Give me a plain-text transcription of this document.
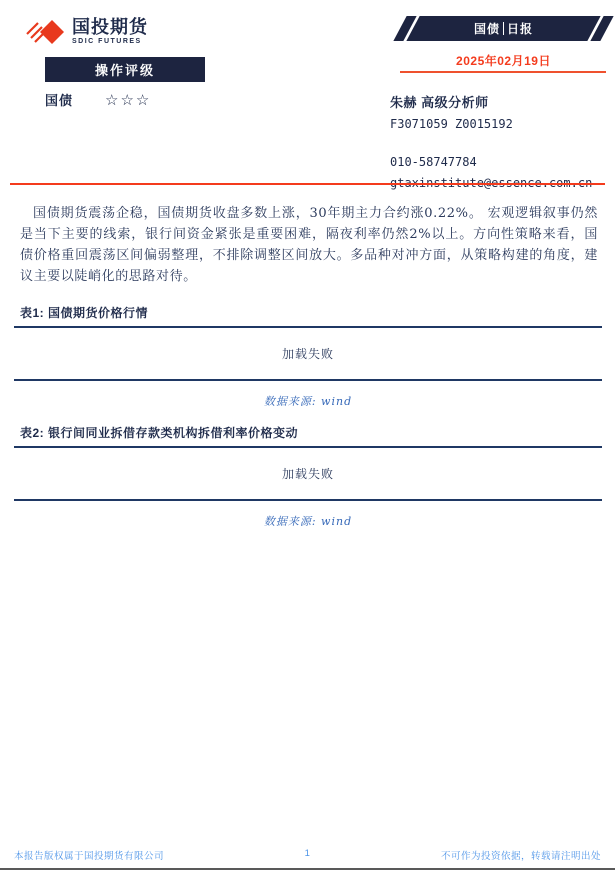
国投期货
SDIC FUTURES
国债 日报
2025年02月19日
操作评级
国债 ☆☆☆	朱赫 高级分析师
F3071059 Z0015192
010-58747784
国债期货震荡企稳，国债期货收盘多数上涨，30年期主力合约涨0.22%。 宏观逻辑叙事仍然是当下主要的线索，银行间资金紧张是重要困难，隔夜利率仍然2%以上。方向性策略来看，国债价格重回震荡区间偏弱整理，不排除调整区间放大。多品种对冲方面，从策略构建的角度，建议主要以陡峭化的思路对待。
表1: 国债期货价格行情
加载失败
数据来源: wind
表2: 银行间同业拆借存款类机构拆借利率价格变动
加载失败
数据来源: wind
1
本报告版权属于国投期货有限公司	不可作为投资依据，转载请注明出处
